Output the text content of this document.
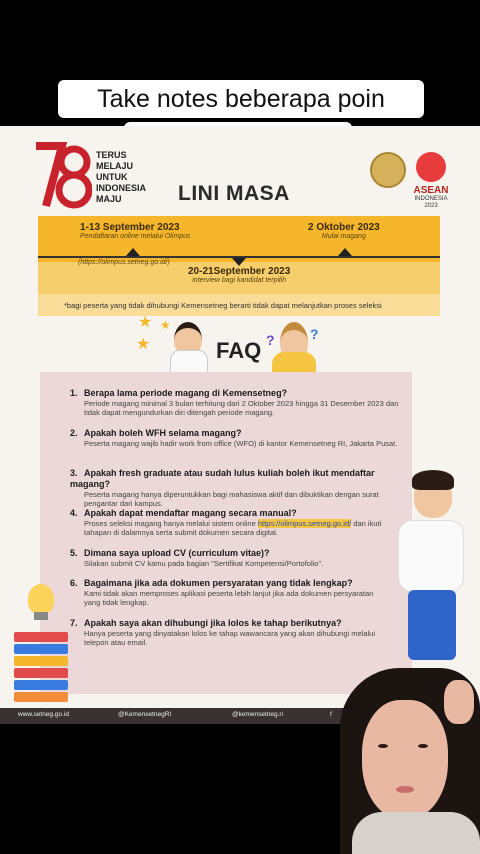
Take notes beberapa poin
TERUS
MELAJU
UNTUK
INDONESIA
MAJU	LINI MASA	ASEAN
INDONESIA
2023
1-13 September 2023
Pendaftaran online melalui Olimpus
2 Oktober 2023
Mulai magang
(https://olimpus.setneg.go.id/)
20-21September 2023
interview bagi kandidat terpilih
*bagi peserta yang tidak dihubungi Kemensetneg berarti tidak dapat melanjutkan proses seleksi
★ ★
★	FAQ ?	?
1. Berapa lama periode magang di Kemensetneg?
Periode magang minimal 3 bulan terhitung dari 2 Oktober 2023 hingga 31 Desember 2023 dan tidak dapat mengundurkan diri ditengah periode magang.
2. Apakah boleh WFH selama magang?
Peserta magang wajib hadir work from office (WFO) di kantor Kemensetneg RI, Jakarta Pusat.
3. Apakah fresh graduate atau sudah lulus kuliah boleh ikut mendaftar magang?
Peserta magang hanya diperuntukkan bagi mahasiswa aktif dan dibuktikan dengan surat pengantar dari kampus.
4. Apakah dapat mendaftar magang secara manual?
Proses seleksi magang hanya melalui sistem online https://olimpus.setneg.go.id/ dan ikuti tahapan di dalamnya serta submit dokumen secara digital.
5. Dimana saya upload CV (curriculum vitae)?
Silakan submit CV kamu pada bagian "Sertifikat Kompetensi/Portofolio".
6. Bagaimana jika ada dokumen persyaratan yang tidak lengkap?
Kami tidak akan memproses aplikasi peserta lebih lanjut jika ada dokumen persyaratan yang tidak lengkap.
7. Apakah saya akan dihubungi jika lolos ke tahap berikutnya?
Hanya peserta yang dinyatakan lolos ke tahap wawancara yang akan dihubungi melalui telepon atau email.
www.setneg.go.id	@KemensetnegRI	@kemensetneg.ri	f
